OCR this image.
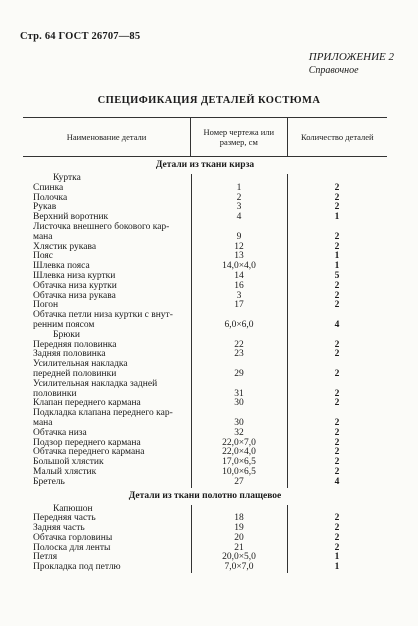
Стр. 64 ГОСТ 26707—85
ПРИЛОЖЕНИЕ 2
Справочное
СПЕЦИФИКАЦИЯ ДЕТАЛЕЙ КОСТЮМА
Наименование детали	Номер чертежа или размер, см	Количество деталей
Детали из ткани кирза
Куртка
Спинка	1	2
Полочка	2	2
Рукав	3	2
Верхний воротник	4	1
Листочка внешнего бокового кар-
мана	9	2
Хлястик рукава	12	2
Пояс	13	1
Шлевка пояса	14,0×4,0	1
Шлевка низа куртки	14	5
Обтачка низа куртки	16	2
Обтачка низа рукава	3	2
Погон	17	2
Обтачка петли низа куртки с внут-
ренним поясом	6,0×6,0	4
Брюки
Передняя половинка	22	2
Задняя половинка	23	2
Усилительная накладка
передней половинки	29	2
Усилительная накладка задней
половинки	31	2
Клапан переднего кармана	30	2
Подкладка клапана переднего кар-
мана	30	2
Обтачка низа	32	2
Подзор переднего кармана	22,0×7,0	2
Обтачка переднего кармана	22,0×4,0	2
Большой хлястик	17,0×6,5	2
Малый хлястик	10,0×6,5	2
Бретель	27	4
Детали из ткани полотно плащевое
Капюшон
Передняя часть	18	2
Задняя часть	19	2
Обтачка горловины	20	2
Полоска для ленты	21	2
Петля	20,0×5,0	1
Прокладка под петлю	7,0×7,0	1
